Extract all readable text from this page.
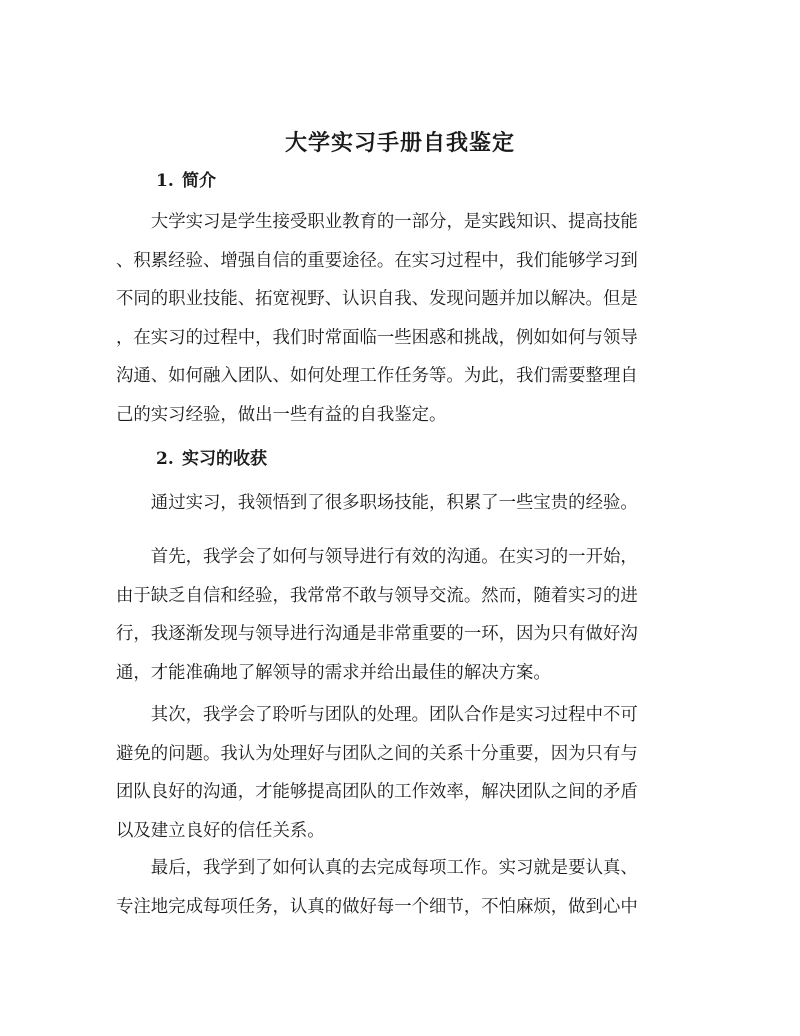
大学实习手册自我鉴定
1. 简介
大学实习是学生接受职业教育的一部分，是实践知识、提高技能
、积累经验、增强自信的重要途径。在实习过程中，我们能够学习到
不同的职业技能、拓宽视野、认识自我、发现问题并加以解决。但是
，在实习的过程中，我们时常面临一些困惑和挑战，例如如何与领导
沟通、如何融入团队、如何处理工作任务等。为此，我们需要整理自
己的实习经验，做出一些有益的自我鉴定。
2. 实习的收获
通过实习，我领悟到了很多职场技能，积累了一些宝贵的经验。
首先，我学会了如何与领导进行有效的沟通。在实习的一开始，
由于缺乏自信和经验，我常常不敢与领导交流。然而，随着实习的进
行，我逐渐发现与领导进行沟通是非常重要的一环，因为只有做好沟
通，才能准确地了解领导的需求并给出最佳的解决方案。
其次，我学会了聆听与团队的处理。团队合作是实习过程中不可
避免的问题。我认为处理好与团队之间的关系十分重要，因为只有与
团队良好的沟通，才能够提高团队的工作效率，解决团队之间的矛盾
以及建立良好的信任关系。
最后，我学到了如何认真的去完成每项工作。实习就是要认真、
专注地完成每项任务，认真的做好每一个细节，不怕麻烦，做到心中
